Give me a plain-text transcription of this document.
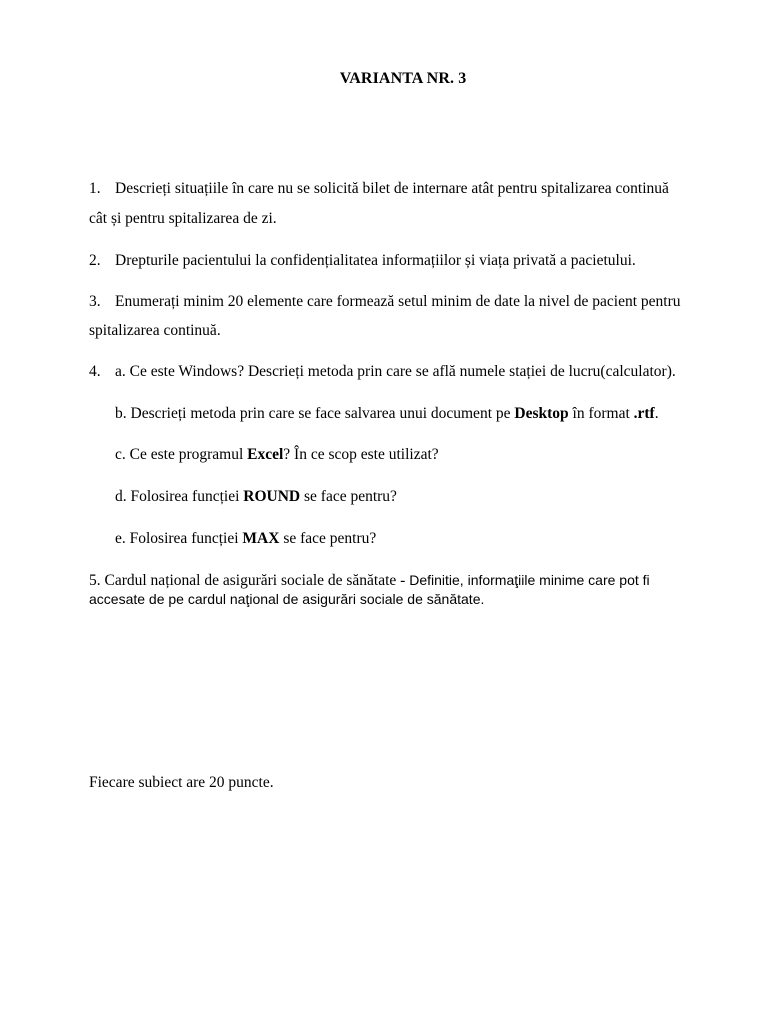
VARIANTA NR. 3
1. Descrieți situațiile în care nu se solicită bilet de internare atât pentru spitalizarea continuă
cât și pentru spitalizarea de zi.
2. Drepturile pacientului la confidențialitatea informațiilor și viața privată a pacietului.
3. Enumerați minim 20 elemente care formează setul minim de date la nivel de pacient pentru
spitalizarea continuă.
4. a. Ce este Windows? Descrieți metoda prin care se află numele stației de lucru(calculator).
b. Descrieți metoda prin care se face salvarea unui document pe Desktop în format .rtf.
c. Ce este programul Excel? În ce scop este utilizat?
d. Folosirea funcției ROUND se face pentru?
e. Folosirea funcției MAX se face pentru?
5. Cardul național de asigurări sociale de sănătate - Definitie, informaţiile minime care pot fi
accesate de pe cardul naţional de asigurări sociale de sănătate.
Fiecare subiect are 20 puncte.
